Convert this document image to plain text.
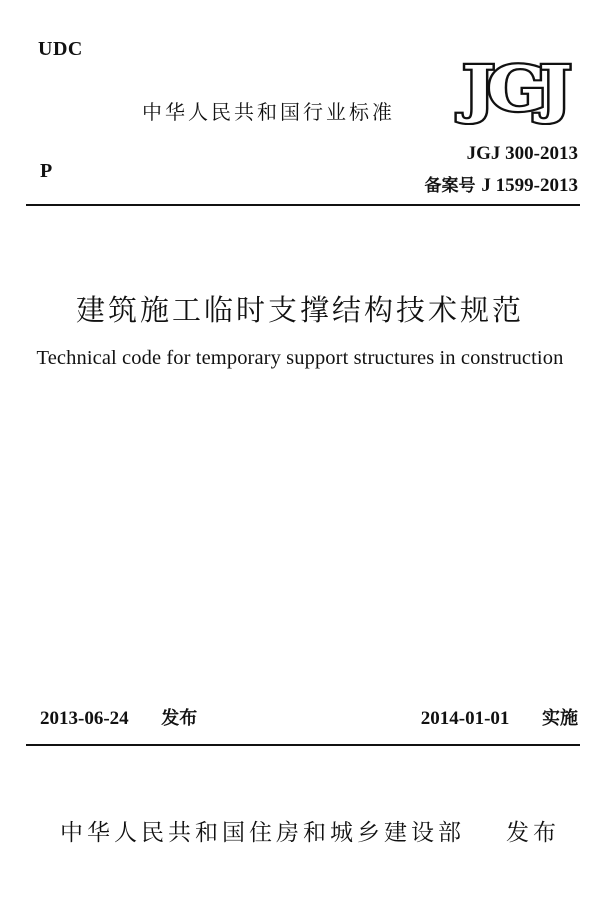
UDC
中华人民共和国行业标准 JGJ
P
JGJ 300-2013
备案号 J 1599-2013
建筑施工临时支撑结构技术规范
Technical code for temporary support structures in construction
2013-06-24 发布	2014-01-01 实施
中华人民共和国住房和城乡建设部 发布
